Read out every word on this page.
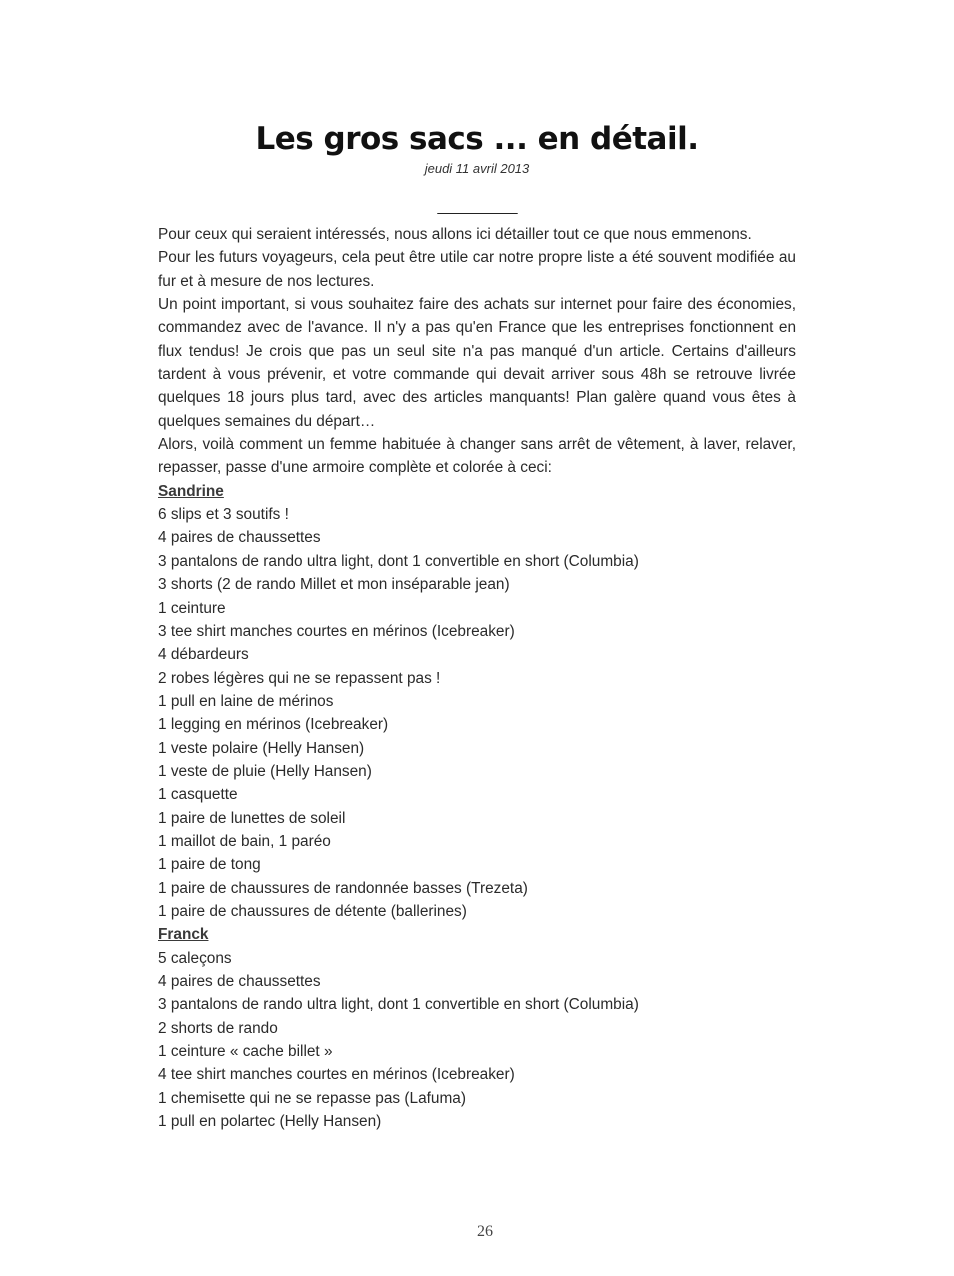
Les gros sacs ... en détail.
jeudi 11 avril 2013
__________

Pour ceux qui seraient intéressés, nous allons ici détailler tout ce que nous emmenons.

Pour les futurs voyageurs, cela peut être utile car notre propre liste a été souvent modifiée au fur et à mesure de nos lectures.

Un point important, si vous souhaitez faire des achats sur internet pour faire des économies, commandez avec de l'avance. Il n'y a pas qu'en France que les entreprises fonctionnent en flux tendus! Je crois que pas un seul site n'a pas manqué d'un article. Certains d'ailleurs tardent à vous prévenir, et votre commande qui devait arriver sous 48h se retrouve livrée quelques 18 jours plus tard, avec des articles manquants! Plan galère quand vous êtes à quelques semaines du départ…

Alors, voilà comment un femme habituée à changer sans arrêt de vêtement, à laver, relaver, repasser, passe d'une armoire complète et colorée à ceci:

Sandrine
6 slips et 3 soutifs !
4 paires de chaussettes
3 pantalons de rando ultra light, dont 1 convertible en short (Columbia)
3 shorts (2 de rando Millet et mon inséparable jean)
1 ceinture
3 tee shirt manches courtes en mérinos (Icebreaker)
4 débardeurs
2 robes légères qui ne se repassent pas !
1 pull en laine de mérinos
1 legging en mérinos (Icebreaker)
1 veste polaire (Helly Hansen)
1 veste de pluie (Helly Hansen)
1 casquette
1 paire de lunettes de soleil
1 maillot de bain, 1 paréo
1 paire de tong
1 paire de chaussures de randonnée basses (Trezeta)
1 paire de chaussures de détente (ballerines)
Franck
5 caleçons
4 paires de chaussettes
3 pantalons de rando ultra light, dont 1 convertible en short (Columbia)
2 shorts de rando
1 ceinture « cache billet »
4 tee shirt manches courtes en mérinos (Icebreaker)
1 chemisette qui ne se repasse pas (Lafuma)
1 pull en polartec (Helly Hansen)
26
